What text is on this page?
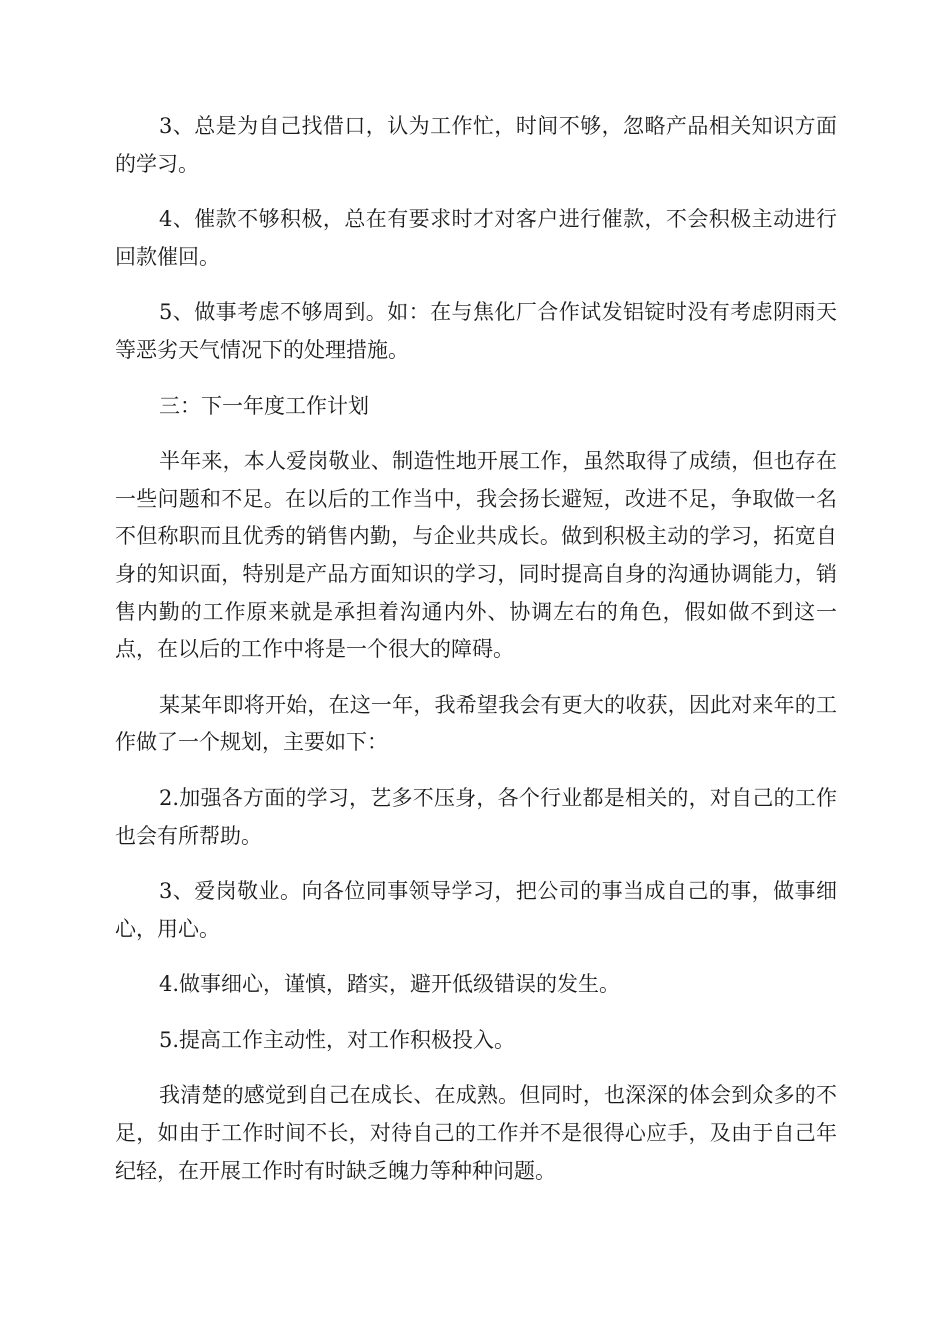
3、总是为自己找借口，认为工作忙，时间不够，忽略产品相关知识方面的学习。

4、催款不够积极，总在有要求时才对客户进行催款，不会积极主动进行回款催回。

5、做事考虑不够周到。如：在与焦化厂合作试发铝锭时没有考虑阴雨天等恶劣天气情况下的处理措施。

三：下一年度工作计划

半年来，本人爱岗敬业、制造性地开展工作，虽然取得了成绩，但也存在一些问题和不足。在以后的工作当中，我会扬长避短，改进不足，争取做一名不但称职而且优秀的销售内勤，与企业共成长。做到积极主动的学习，拓宽自身的知识面，特别是产品方面知识的学习，同时提高自身的沟通协调能力，销售内勤的工作原来就是承担着沟通内外、协调左右的角色，假如做不到这一点，在以后的工作中将是一个很大的障碍。

某某年即将开始，在这一年，我希望我会有更大的收获，因此对来年的工作做了一个规划，主要如下：

2.加强各方面的学习，艺多不压身，各个行业都是相关的，对自己的工作也会有所帮助。

3、爱岗敬业。向各位同事领导学习，把公司的事当成自己的事，做事细心，用心。

4.做事细心，谨慎，踏实，避开低级错误的发生。

5.提高工作主动性，对工作积极投入。

我清楚的感觉到自己在成长、在成熟。但同时，也深深的体会到众多的不足，如由于工作时间不长，对待自己的工作并不是很得心应手，及由于自己年纪轻，在开展工作时有时缺乏魄力等种种问题。
